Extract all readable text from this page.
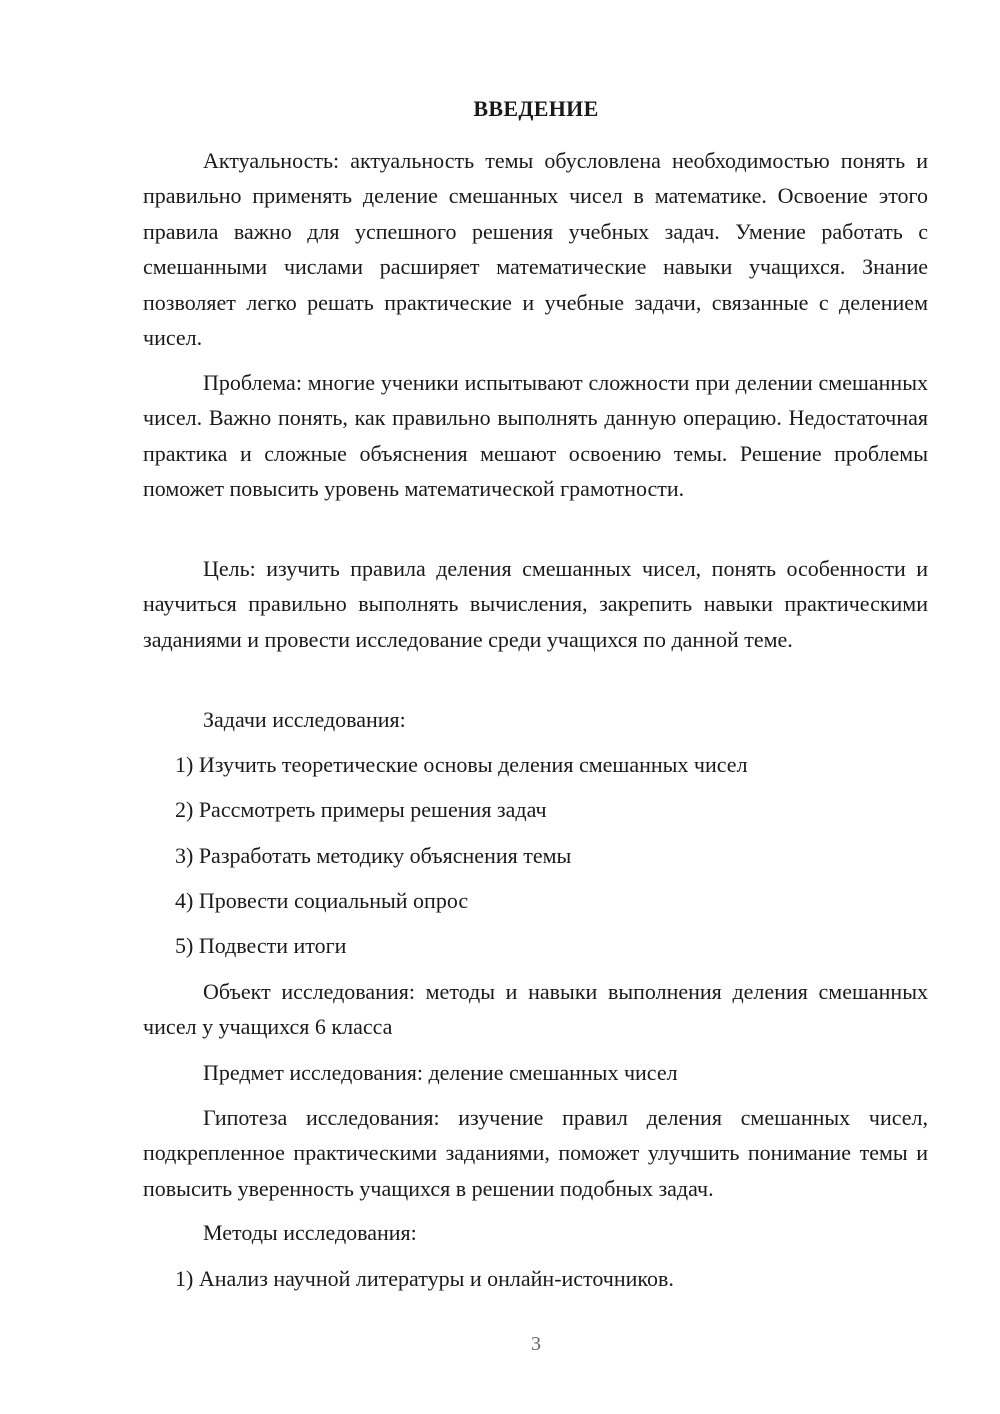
ВВЕДЕНИЕ

Актуальность: актуальность темы обусловлена необходимостью понять и правильно применять деление смешанных чисел в математике. Освоение этого правила важно для успешного решения учебных задач. Умение работать с смешанными числами расширяет математические навыки учащихся. Знание позволяет легко решать практические и учебные задачи, связанные с делением чисел.

Проблема: многие ученики испытывают сложности при делении смешанных чисел. Важно понять, как правильно выполнять данную операцию. Недостаточная практика и сложные объяснения мешают освоению темы. Решение проблемы поможет повысить уровень математической грамотности.

Цель: изучить правила деления смешанных чисел, понять особенности и научиться правильно выполнять вычисления, закрепить навыки практическими заданиями и провести исследование среди учащихся по данной теме.

Задачи исследования:
1) Изучить теоретические основы деления смешанных чисел
2) Рассмотреть примеры решения задач
3) Разработать методику объяснения темы
4) Провести социальный опрос
5) Подвести итоги

Объект исследования: методы и навыки выполнения деления смешанных чисел у учащихся 6 класса

Предмет исследования: деление смешанных чисел

Гипотеза исследования: изучение правил деления смешанных чисел, подкрепленное практическими заданиями, поможет улучшить понимание темы и повысить уверенность учащихся в решении подобных задач.

Методы исследования:
1) Анализ научной литературы и онлайн-источников.
3
